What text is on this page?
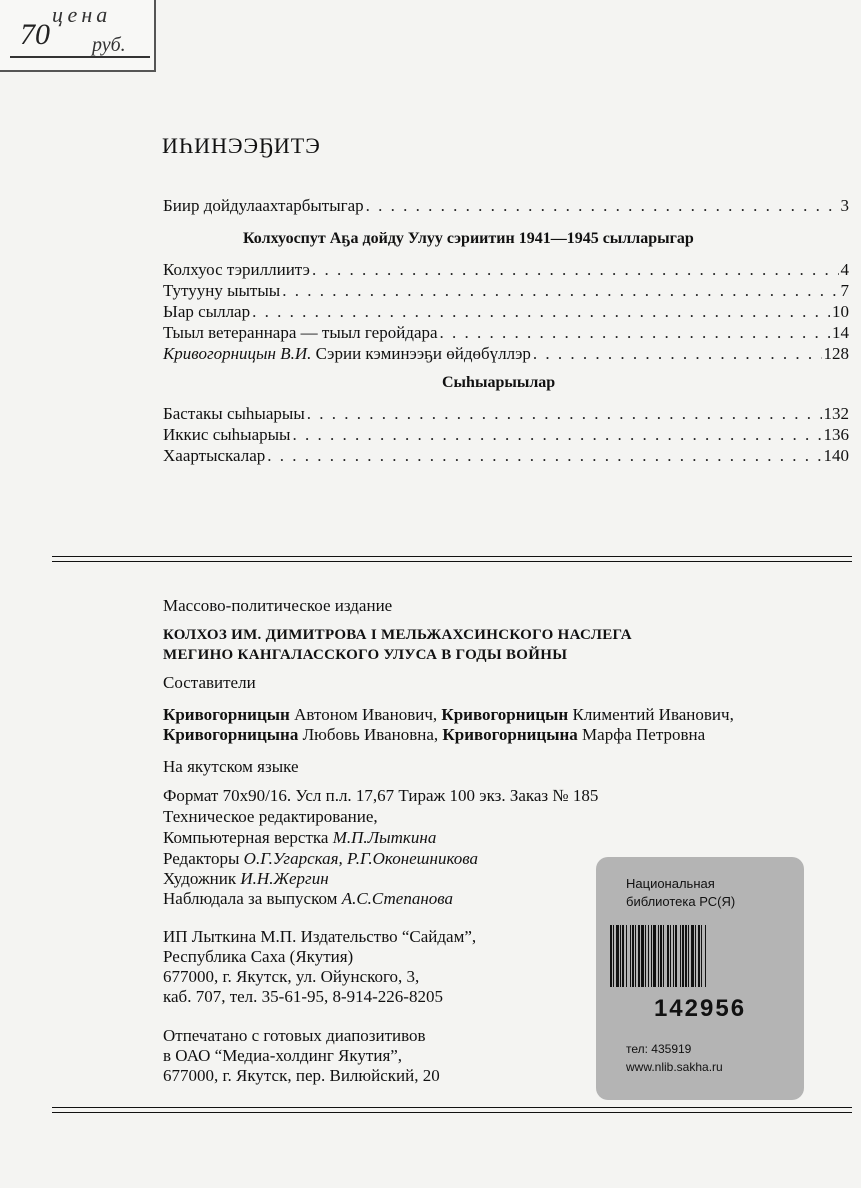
цена
70 руб.
ИҺИНЭЭҔИТЭ
Биир дойдулаахтарбытыгар . . .	3
Колхуоспут Аҕа дойду Улуу сэриитин 1941—1945 сылларыгар
Колхуос тэриллиитэ . . .	4
Тутууну ыытыы . . .	7
Ыар сыллар . . .	10
Тыыл ветераннара — тыыл геройдара . . .	14
Кривогорницын В.И. Сэрии кэминээҕи өйдөбүллэр . . .	128
Сыһыарыылар
Бастакы сыһыарыы . . .	132
Иккис сыһыарыы . . .	136
Хаартыскалар . . .	140
Массово-политическое издание
КОЛХОЗ ИМ. ДИМИТРОВА I МЕЛЬЖАХСИНСКОГО НАСЛЕГА
МЕГИНО КАНГАЛАССКОГО УЛУСА В ГОДЫ ВОЙНЫ
Составители
Кривогорницын Автоном Иванович, Кривогорницын Климентий Иванович,
Кривогорницына Любовь Ивановна, Кривогорницына Марфа Петровна
На якутском языке
Формат 70х90/16. Усл п.л. 17,67 Тираж 100 экз. Заказ № 185
Техническое редактирование,
Компьютерная верстка М.П.Лыткина
Редакторы О.Г.Угарская, Р.Г.Оконешникова
Художник И.Н.Жергин
Наблюдала за выпуском А.С.Степанова
ИП Лыткина М.П. Издательство “Сайдам”,
Республика Саха (Якутия)
677000, г. Якутск, ул. Ойунского, 3,
каб. 707, тел. 35-61-95, 8-914-226-8205
Отпечатано с готовых диапозитивов
в ОАО “Медиа-холдинг Якутия”,
677000, г. Якутск, пер. Вилюйский, 20
Национальная
библиотека РС(Я)
142956
тел: 435919
www.nlib.sakha.ru
